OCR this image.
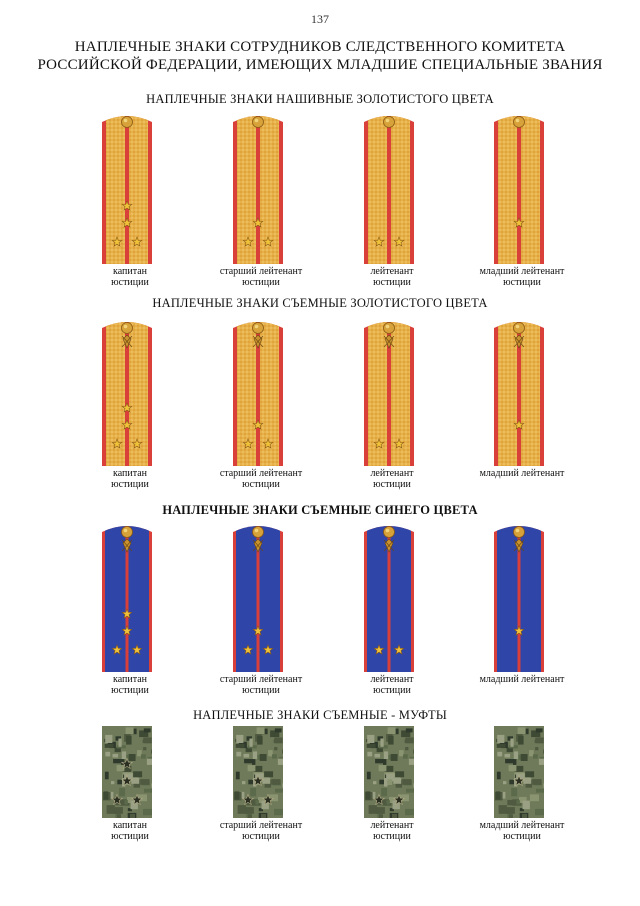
137
НАПЛЕЧНЫЕ ЗНАКИ СОТРУДНИКОВ СЛЕДСТВЕННОГО КОМИТЕТА
РОССИЙСКОЙ ФЕДЕРАЦИИ, ИМЕЮЩИХ МЛАДШИЕ СПЕЦИАЛЬНЫЕ ЗВАНИЯ
НАПЛЕЧНЫЕ ЗНАКИ НАШИВНЫЕ ЗОЛОТИСТОГО ЦВЕТА
капитан
юстиции
старший лейтенант
юстиции
лейтенант
юстиции
младший лейтенант
юстиции
НАПЛЕЧНЫЕ ЗНАКИ СЪЕМНЫЕ ЗОЛОТИСТОГО ЦВЕТА
капитан
юстиции
старший лейтенант
юстиции
лейтенант
юстиции
младший лейтенант
НАПЛЕЧНЫЕ ЗНАКИ СЪЕМНЫЕ СИНЕГО ЦВЕТА
капитан
юстиции
старший лейтенант
юстиции
лейтенант
юстиции
младший лейтенант
НАПЛЕЧНЫЕ ЗНАКИ СЪЕМНЫЕ - МУФТЫ
капитан
юстиции
старший лейтенант
юстиции
лейтенант
юстиции
младший лейтенант
юстиции
